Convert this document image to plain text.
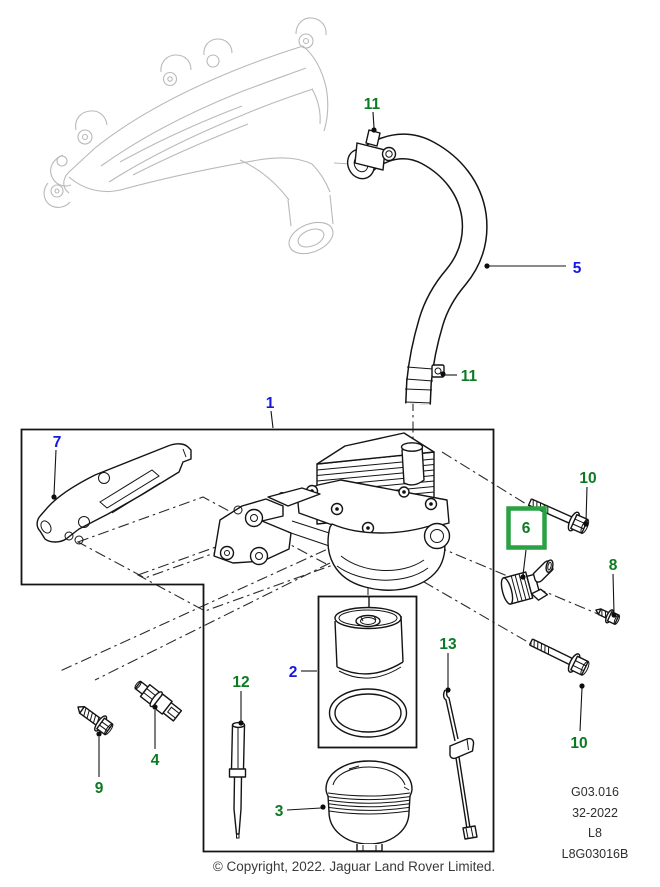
11
5
11
1
7
10
6
8
10
4
9
12
2
3
13
G03.016
32-2022
L8
L8G03016B
© Copyright, 2022. Jaguar Land Rover Limited.
